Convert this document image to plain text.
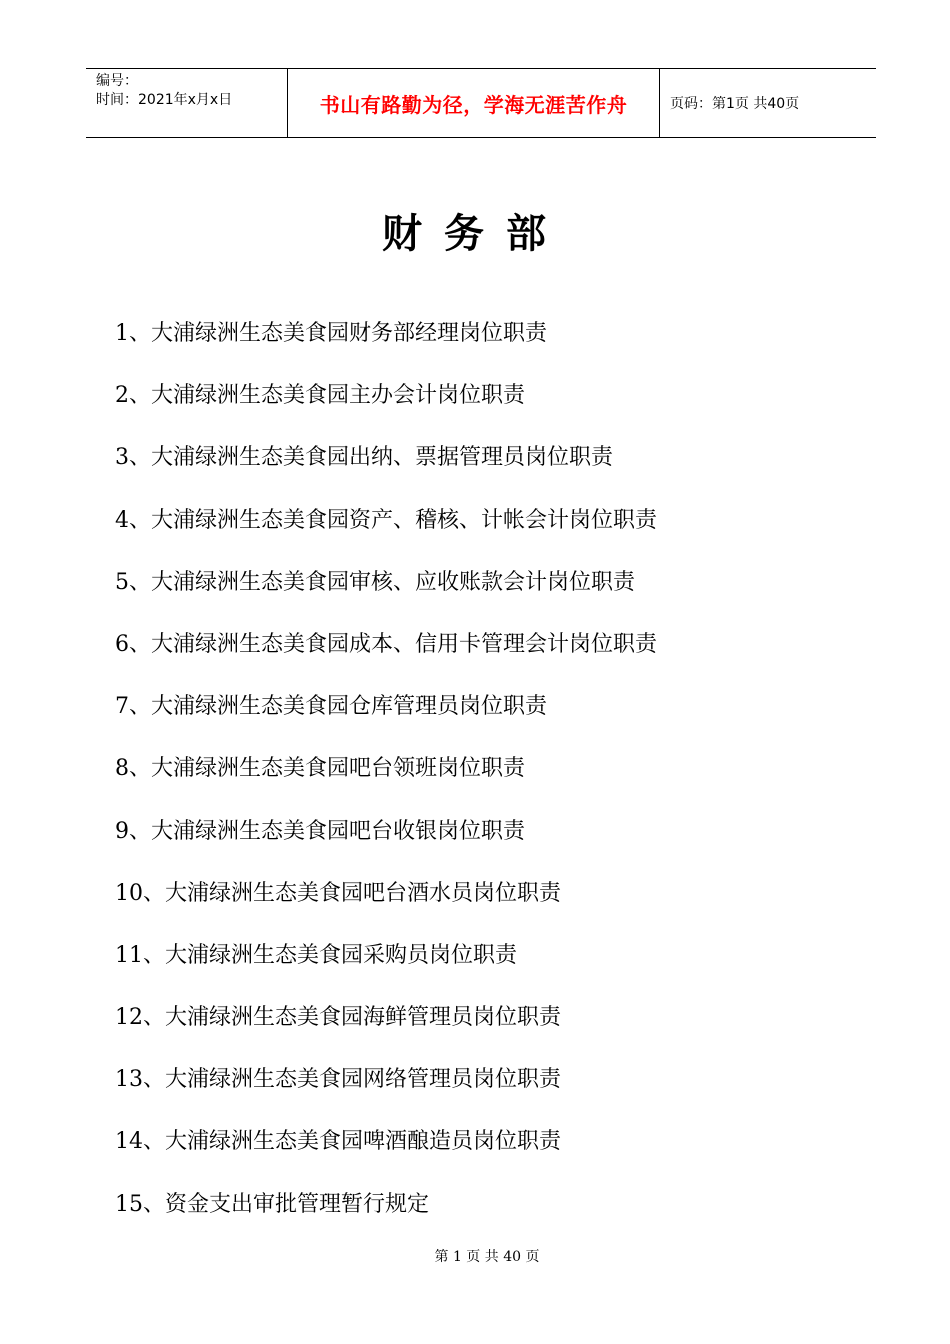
编号：
时间：2021年x月x日	书山有路勤为径，学海无涯苦作舟	页码：第1页 共40页
财务部
1、大浦绿洲生态美食园财务部经理岗位职责
2、大浦绿洲生态美食园主办会计岗位职责
3、大浦绿洲生态美食园出纳、票据管理员岗位职责
4、大浦绿洲生态美食园资产、稽核、计帐会计岗位职责
5、大浦绿洲生态美食园审核、应收账款会计岗位职责
6、大浦绿洲生态美食园成本、信用卡管理会计岗位职责
7、大浦绿洲生态美食园仓库管理员岗位职责
8、大浦绿洲生态美食园吧台领班岗位职责
9、大浦绿洲生态美食园吧台收银岗位职责
10、大浦绿洲生态美食园吧台酒水员岗位职责
11、大浦绿洲生态美食园采购员岗位职责
12、大浦绿洲生态美食园海鲜管理员岗位职责
13、大浦绿洲生态美食园网络管理员岗位职责
14、大浦绿洲生态美食园啤酒酿造员岗位职责
15、资金支出审批管理暂行规定
第 1 页 共 40 页
